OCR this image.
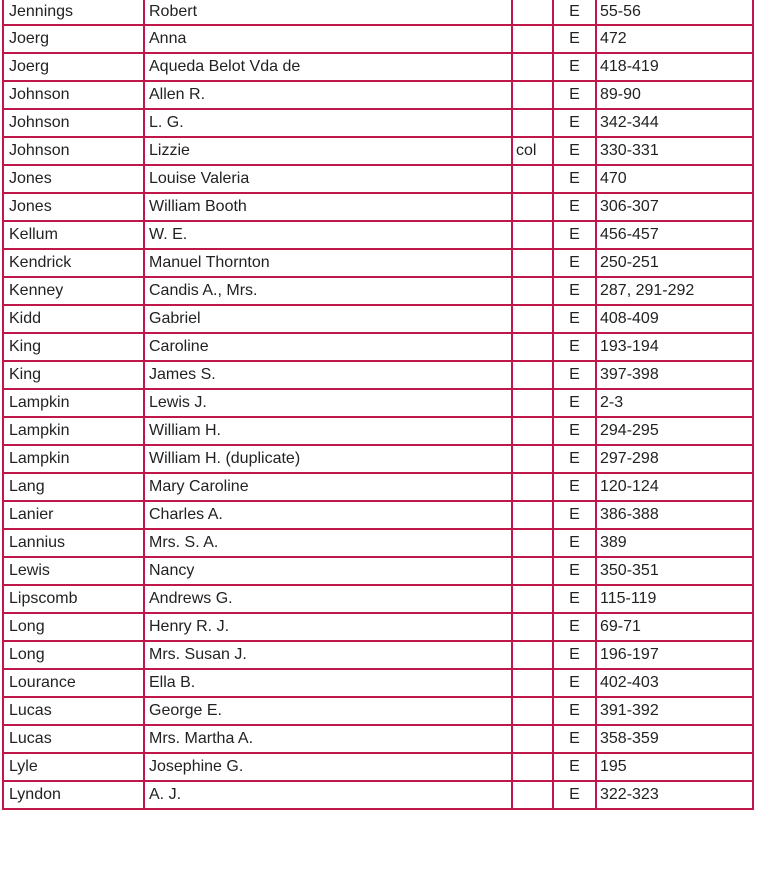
Jennings	Robert		E	55-56
Joerg	Anna		E	472
Joerg	Aqueda Belot Vda de		E	418-419
Johnson	Allen R.		E	89-90
Johnson	L. G.		E	342-344
Johnson	Lizzie	col	E	330-331
Jones	Louise Valeria		E	470
Jones	William Booth		E	306-307
Kellum	W. E.		E	456-457
Kendrick	Manuel Thornton		E	250-251
Kenney	Candis A., Mrs.		E	287, 291-292
Kidd	Gabriel		E	408-409
King	Caroline		E	193-194
King	James S.		E	397-398
Lampkin	Lewis J.		E	2-3
Lampkin	William H.		E	294-295
Lampkin	William H. (duplicate)		E	297-298
Lang	Mary Caroline		E	120-124
Lanier	Charles A.		E	386-388
Lannius	Mrs. S. A.		E	389
Lewis	Nancy		E	350-351
Lipscomb	Andrews G.		E	115-119
Long	Henry R. J.		E	69-71
Long	Mrs. Susan J.		E	196-197
Lourance	Ella B.		E	402-403
Lucas	George E.		E	391-392
Lucas	Mrs. Martha A.		E	358-359
Lyle	Josephine G.		E	195
Lyndon	A. J.		E	322-323
